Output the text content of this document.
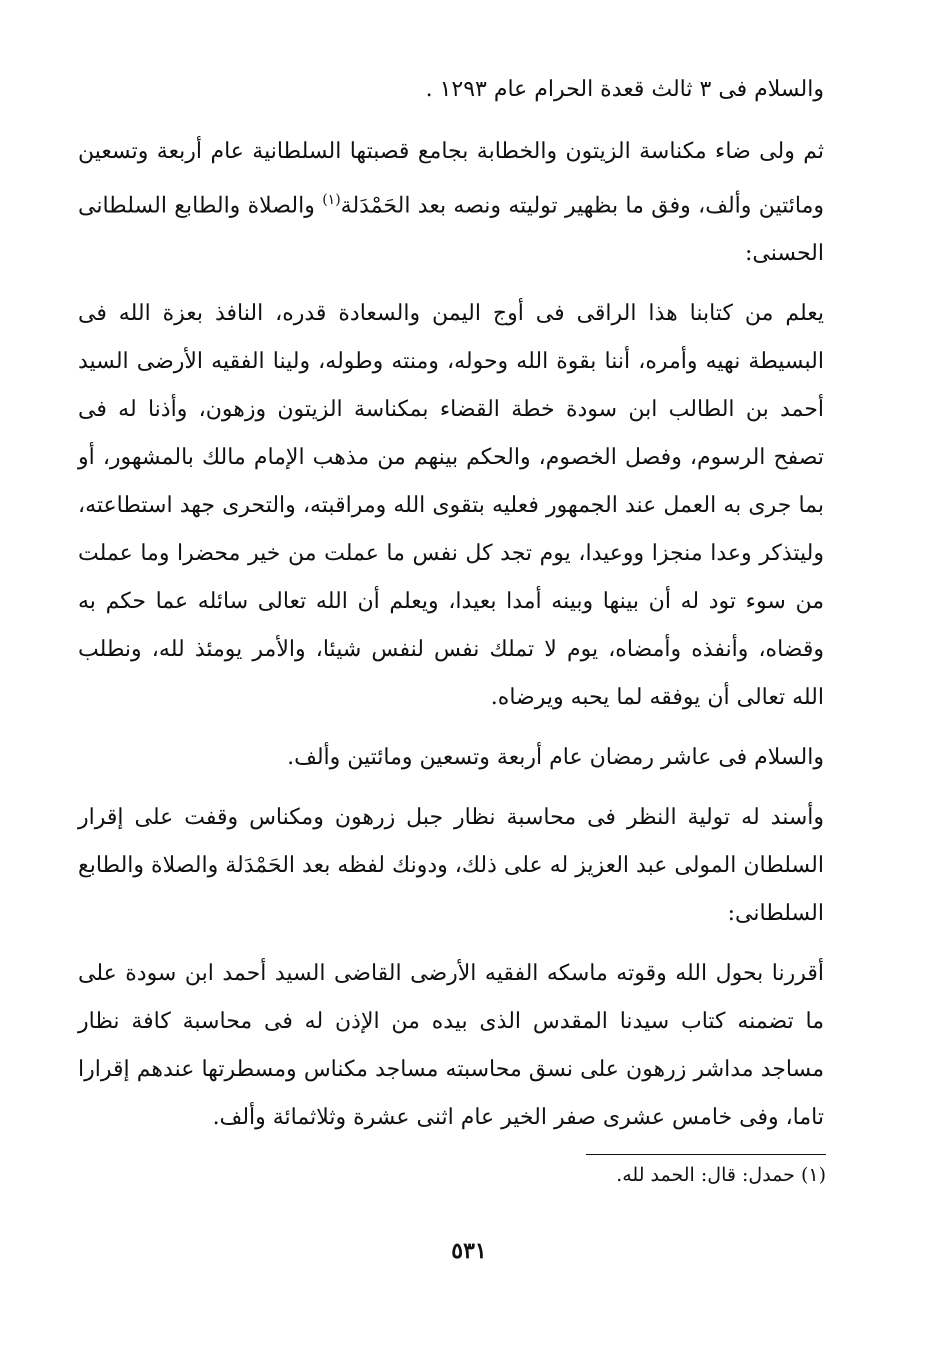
والسلام فى ٣ ثالث قعدة الحرام عام ١٢٩٣ .

ثم ولى ضاء مكناسة الزيتون والخطابة بجامع قصبتها السلطانية عام أربعة وتسعين ومائتين وألف، وفق ما بظهير توليته ونصه بعد الحَمْدَلة$^{(١)}$ والصلاة والطابع السلطانى الحسنى:

يعلم من كتابنا هذا الراقى فى أوج اليمن والسعادة قدره، النافذ بعزة الله فى البسيطة نهيه وأمره، أننا بقوة الله وحوله، ومنته وطوله، ولينا الفقيه الأرضى السيد أحمد بن الطالب ابن سودة خطة القضاء بمكناسة الزيتون وزهون، وأذنا له فى تصفح الرسوم، وفصل الخصوم، والحكم بينهم من مذهب الإمام مالك بالمشهور، أو بما جرى به العمل عند الجمهور فعليه بتقوى الله ومراقبته، والتحرى جهد استطاعته، وليتذكر وعدا منجزا ووعيدا، يوم تجد كل نفس ما عملت من خير محضرا وما عملت من سوء تود له أن بينها وبينه أمدا بعيدا، ويعلم أن الله تعالى سائله عما حكم به وقضاه، وأنفذه وأمضاه، يوم لا تملك نفس لنفس شيئا، والأمر يومئذ لله، ونطلب الله تعالى أن يوفقه لما يحبه ويرضاه.

والسلام فى عاشر رمضان عام أربعة وتسعين ومائتين وألف.

وأسند له تولية النظر فى محاسبة نظار جبل زرهون ومكناس وقفت على إقرار السلطان المولى عبد العزيز له على ذلك، ودونك لفظه بعد الحَمْدَلة والصلاة والطابع السلطانى:

أقررنا بحول الله وقوته ماسكه الفقيه الأرضى القاضى السيد أحمد ابن سودة على ما تضمنه كتاب سيدنا المقدس الذى بيده من الإذن له فى محاسبة كافة نظار مساجد مداشر زرهون على نسق محاسبته مساجد مكناس ومسطرتها عندهم إقرارا تاما، وفى خامس عشرى صفر الخير عام اثنى عشرة وثلاثمائة وألف.

(١) حمدل: قال: الحمد لله.
٥٣١
